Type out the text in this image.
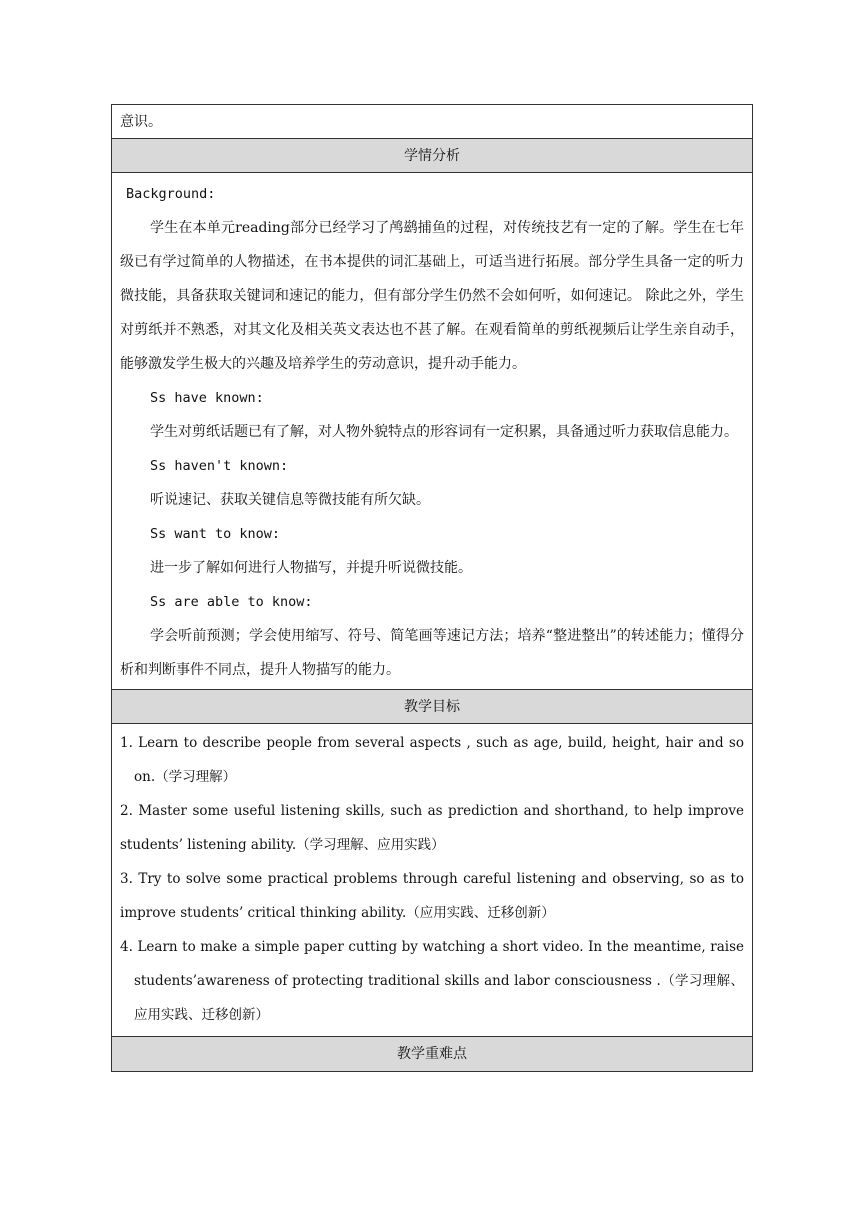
意识。
学情分析

Background:

学生在本单元reading部分已经学习了鸬鹚捕鱼的过程，对传统技艺有一定的了解。学生在七年级已有学过简单的人物描述，在书本提供的词汇基础上，可适当进行拓展。部分学生具备一定的听力微技能，具备获取关键词和速记的能力，但有部分学生仍然不会如何听，如何速记。 除此之外，学生对剪纸并不熟悉，对其文化及相关英文表达也不甚了解。在观看简单的剪纸视频后让学生亲自动手，能够激发学生极大的兴趣及培养学生的劳动意识，提升动手能力。

Ss have known:

学生对剪纸话题已有了解，对人物外貌特点的形容词有一定积累，具备通过听力获取信息能力。

Ss haven't known:

听说速记、获取关键信息等微技能有所欠缺。

Ss want to know:

进一步了解如何进行人物描写，并提升听说微技能。

Ss are able to know:

学会听前预测；学会使用缩写、符号、简笔画等速记方法；培养“整进整出”的转述能力；懂得分析和判断事件不同点，提升人物描写的能力。

教学目标
1. Learn to describe people from several aspects , such as age, build, height, hair and so on.（学习理解）
2. Master some useful listening skills, such as prediction and shorthand, to help improve students’ listening ability.（学习理解、应用实践）
3. Try to solve some practical problems through careful listening and observing, so as to improve students’ critical thinking ability.（应用实践、迁移创新）
4. Learn to make a simple paper cutting by watching a short video. In the meantime, raise students’awareness of protecting traditional skills and labor consciousness .（学习理解、应用实践、迁移创新）
教学重难点
